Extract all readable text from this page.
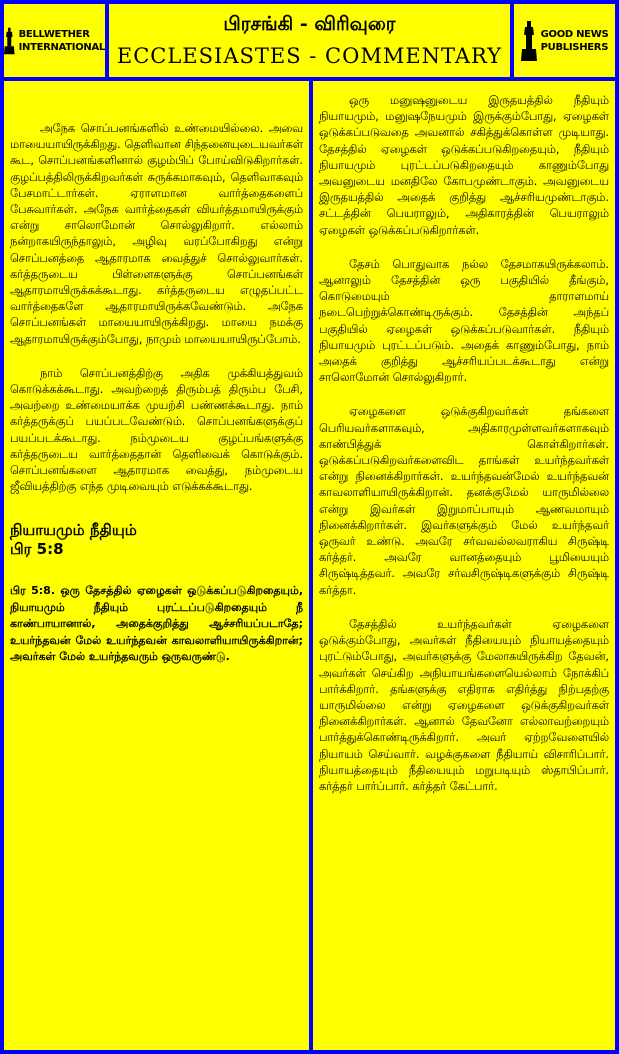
BELLWETHER
INTERNATIONAL
பிரசங்கி - விரிவுரை
ECCLESIASTES - COMMENTARY
GOOD NEWS
PUBLISHERS

அநேக சொப்பனங்களில் உண்மையில்லை. அவை மாயையாயிருக்கிறது. தெளிவான சிந்தனையுடையவர்கள் கூட, சொப்பனங்களினால் குழம்பிப் போய்விடுகிறார்கள். குழப்பத்திலிருக்கிறவர்கள் சுருக்கமாகவும், தெளிவாகவும் பேசமாட்டார்கள். ஏராளமான வார்த்தைகளைப் பேசுவார்கள். அநேக வார்த்தைகள் வியர்த்தமாயிருக்கும் என்று சாலொமோன் சொல்லுகிறார். எல்லாம் நன்றாகயிருந்தாலும், அழிவு வரப்போகிறது என்று சொப்பனத்தை ஆதாரமாக வைத்துச் சொல்லுவார்கள். கர்த்தருடைய பிள்ளைகளுக்கு சொப்பனங்கள் ஆதாரமாயிருக்கக்கூடாது. கர்த்தருடைய எழுதப்பட்ட வார்த்தைகளே ஆதாரமாயிருக்கவேண்டும். அநேக சொப்பனங்கள் மாயையாயிருக்கிறது. மாயை நமக்கு ஆதாரமாயிருக்கும்போது, நாமும் மாயையாயிருப்போம்.

நாம் சொப்பனத்திற்கு அதிக முக்கியத்துவம் கொடுக்கக்கூடாது. அவற்றைத் திரும்பத் திரும்ப பேசி, அவற்றை உண்மையாக்க முயற்சி பண்ணக்கூடாது. நாம் கர்த்தருக்குப் பயப்படவேண்டும். சொப்பனங்களுக்குப் பயப்படக்கூடாது. நம்முடைய குழப்பங்களுக்கு கர்த்தருடைய வார்த்தைதான் தெளிவைக் கொடுக்கும். சொப்பனங்களை ஆதாரமாக வைத்து, நம்முடைய ஜீவியத்திற்கு எந்த முடிவையும் எடுக்கக்கூடாது.

நியாயமும் நீதியும்
பிர 5:8

பிர 5:8. ஒரு தேசத்தில் ஏழைகள் ஒடுக்கப்படுகிறதையும், நியாயமும் நீதியும் புரட்டப்படுகிறதையும் நீ காண்பாயானால், அதைக்குறித்து ஆச்சரியப்படாதே; உயர்ந்தவன் மேல் உயர்ந்தவன் காவலாளியாயிருக்கிறான்; அவர்கள் மேல் உயர்ந்தவரும் ஒருவருண்டு.

ஒரு மனுஷனுடைய இருதயத்தில் நீதியும் நியாயமும், மனுஷநேயமும் இருக்கும்போது, ஏழைகள் ஒடுக்கப்படுவதை அவனால் சகித்துக்கொள்ள முடியாது. தேசத்தில் ஏழைகள் ஒடுக்கப்படுகிறதையும், நீதியும் நியாயமும் புரட்டப்படுகிறதையும் காணும்போது அவனுடைய மனதிலே கோபமுண்டாகும். அவனுடைய இருதயத்தில் அதைக் குறித்து ஆச்சரியமுண்டாகும். சட்டத்தின் பெயராலும், அதிகாரத்தின் பெயராலும் ஏழைகள் ஒடுக்கப்படுகிறார்கள்.

தேசம் பொதுவாக நல்ல தேசமாகயிருக்கலாம். ஆனாலும் தேசத்தின் ஒரு பகுதியில் தீங்கும், கொடுமையும் தாராளமாய் நடைபெற்றுக்கொண்டிருக்கும். தேசத்தின் அந்தப் பகுதியில் ஏழைகள் ஒடுக்கப்படுவார்கள். நீதியும் நியாயமும் புரட்டப்படும். அதைக் காணும்போது, நாம் அதைக் குறித்து ஆச்சரியப்படக்கூடாது என்று சாலொமோன் சொல்லுகிறார்.

ஏழைகளை ஒடுக்குகிறவர்கள் தங்களை பெரியவர்களாகவும், அதிகாரமுள்ளவர்களாகவும் காண்பித்துக் கொள்கிறார்கள். ஒடுக்கப்படுகிறவர்களைவிட தாங்கள் உயர்ந்தவர்கள் என்று நினைக்கிறார்கள். உயர்ந்தவன்மேல் உயர்ந்தவன் காவலாளியாயிருக்கிறான். தனக்குமேல் யாருமில்லை என்று இவர்கள் இறுமாப்பாயும் ஆணவமாயும் நினைக்கிறார்கள். இவர்களுக்கும் மேல் உயர்ந்தவர் ஒருவர் உண்டு. அவரே சர்வவல்லவராகிய சிருஷ்டி கர்த்தர். அவரே வானத்தையும் பூமியையும் சிருஷ்டித்தவர். அவரே சர்வசிருஷ்டிகளுக்கும் சிருஷ்டி கர்த்தா.

தேசத்தில் உயர்ந்தவர்கள் ஏழைகளை ஒடுக்கும்போது, அவர்கள் நீதியையும் நியாயத்தையும் புரட்டும்போது, அவர்களுக்கு மேலாகயிருக்கிற தேவன், அவர்கள் செய்கிற அநியாயங்களையெல்லாம் நோக்கிப் பார்க்கிறார். தங்களுக்கு எதிராக எதிர்த்து நிற்பதற்கு யாருமில்லை என்று ஏழைகளை ஒடுக்குகிறவர்கள் நினைக்கிறார்கள். ஆனால் தேவனோ எல்லாவற்றையும் பார்த்துக்கொண்டிருக்கிறார். அவர் ஏற்றவேளையில் நியாயம் செய்வார். வழக்குகளை நீதியாய் விசாரிப்பார். நியாயத்தையும் நீதியையும் மறுபடியும் ஸ்தாபிப்பார். கர்த்தர் பார்ப்பார். கர்த்தர் கேட்பார்.
